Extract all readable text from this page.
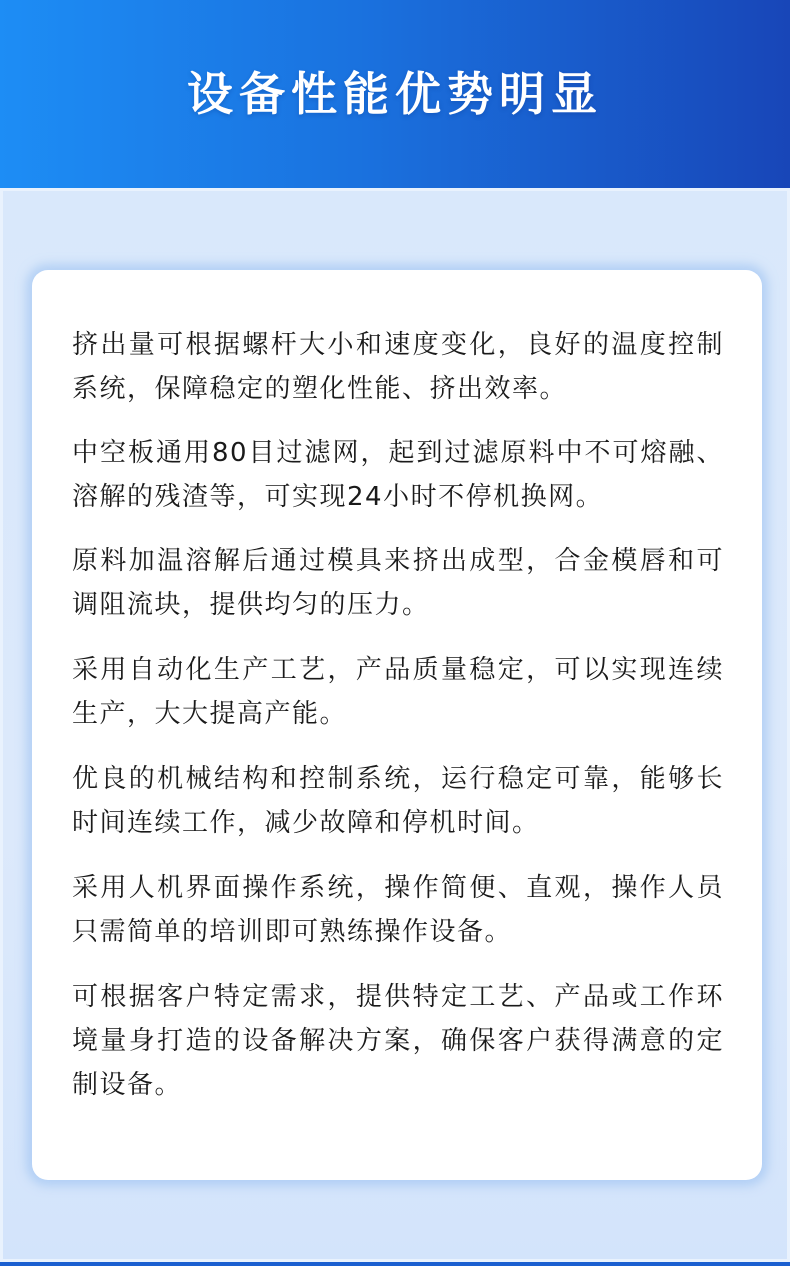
设备性能优势明显

挤出量可根据螺杆大小和速度变化，良好的温度控制系统，保障稳定的塑化性能、挤出效率。

中空板通用80目过滤网，起到过滤原料中不可熔融、溶解的残渣等，可实现24小时不停机换网。

原料加温溶解后通过模具来挤出成型，合金模唇和可调阻流块，提供均匀的压力。

采用自动化生产工艺，产品质量稳定，可以实现连续生产，大大提高产能。

优良的机械结构和控制系统，运行稳定可靠，能够长时间连续工作，减少故障和停机时间。

采用人机界面操作系统，操作简便、直观，操作人员只需简单的培训即可熟练操作设备。

可根据客户特定需求，提供特定工艺、产品或工作环境量身打造的设备解决方案，确保客户获得满意的定制设备。
